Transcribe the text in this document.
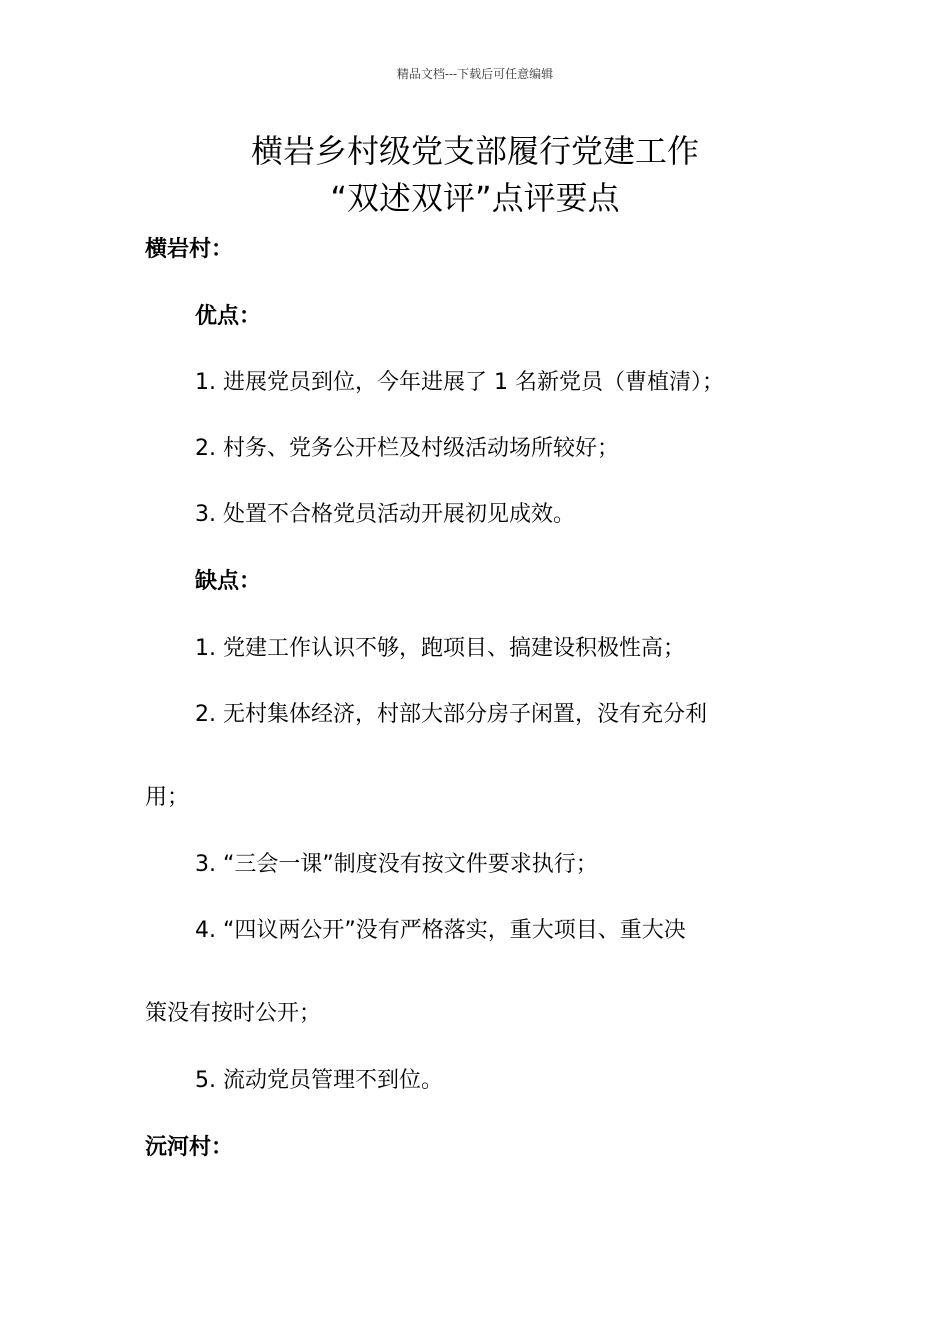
精品文档---下载后可任意编辑
横岩乡村级党支部履行党建工作
“双述双评”点评要点
横岩村：
优点：
1. 进展党员到位，今年进展了 1 名新党员（曹植清）；
2. 村务、党务公开栏及村级活动场所较好；
3. 处置不合格党员活动开展初见成效。
缺点：
1. 党建工作认识不够，跑项目、搞建设积极性高；
2. 无村集体经济，村部大部分房子闲置，没有充分利
用；
3. “三会一课”制度没有按文件要求执行；
4. “四议两公开”没有严格落实，重大项目、重大决
策没有按时公开；
5. 流动党员管理不到位。
沅河村：
